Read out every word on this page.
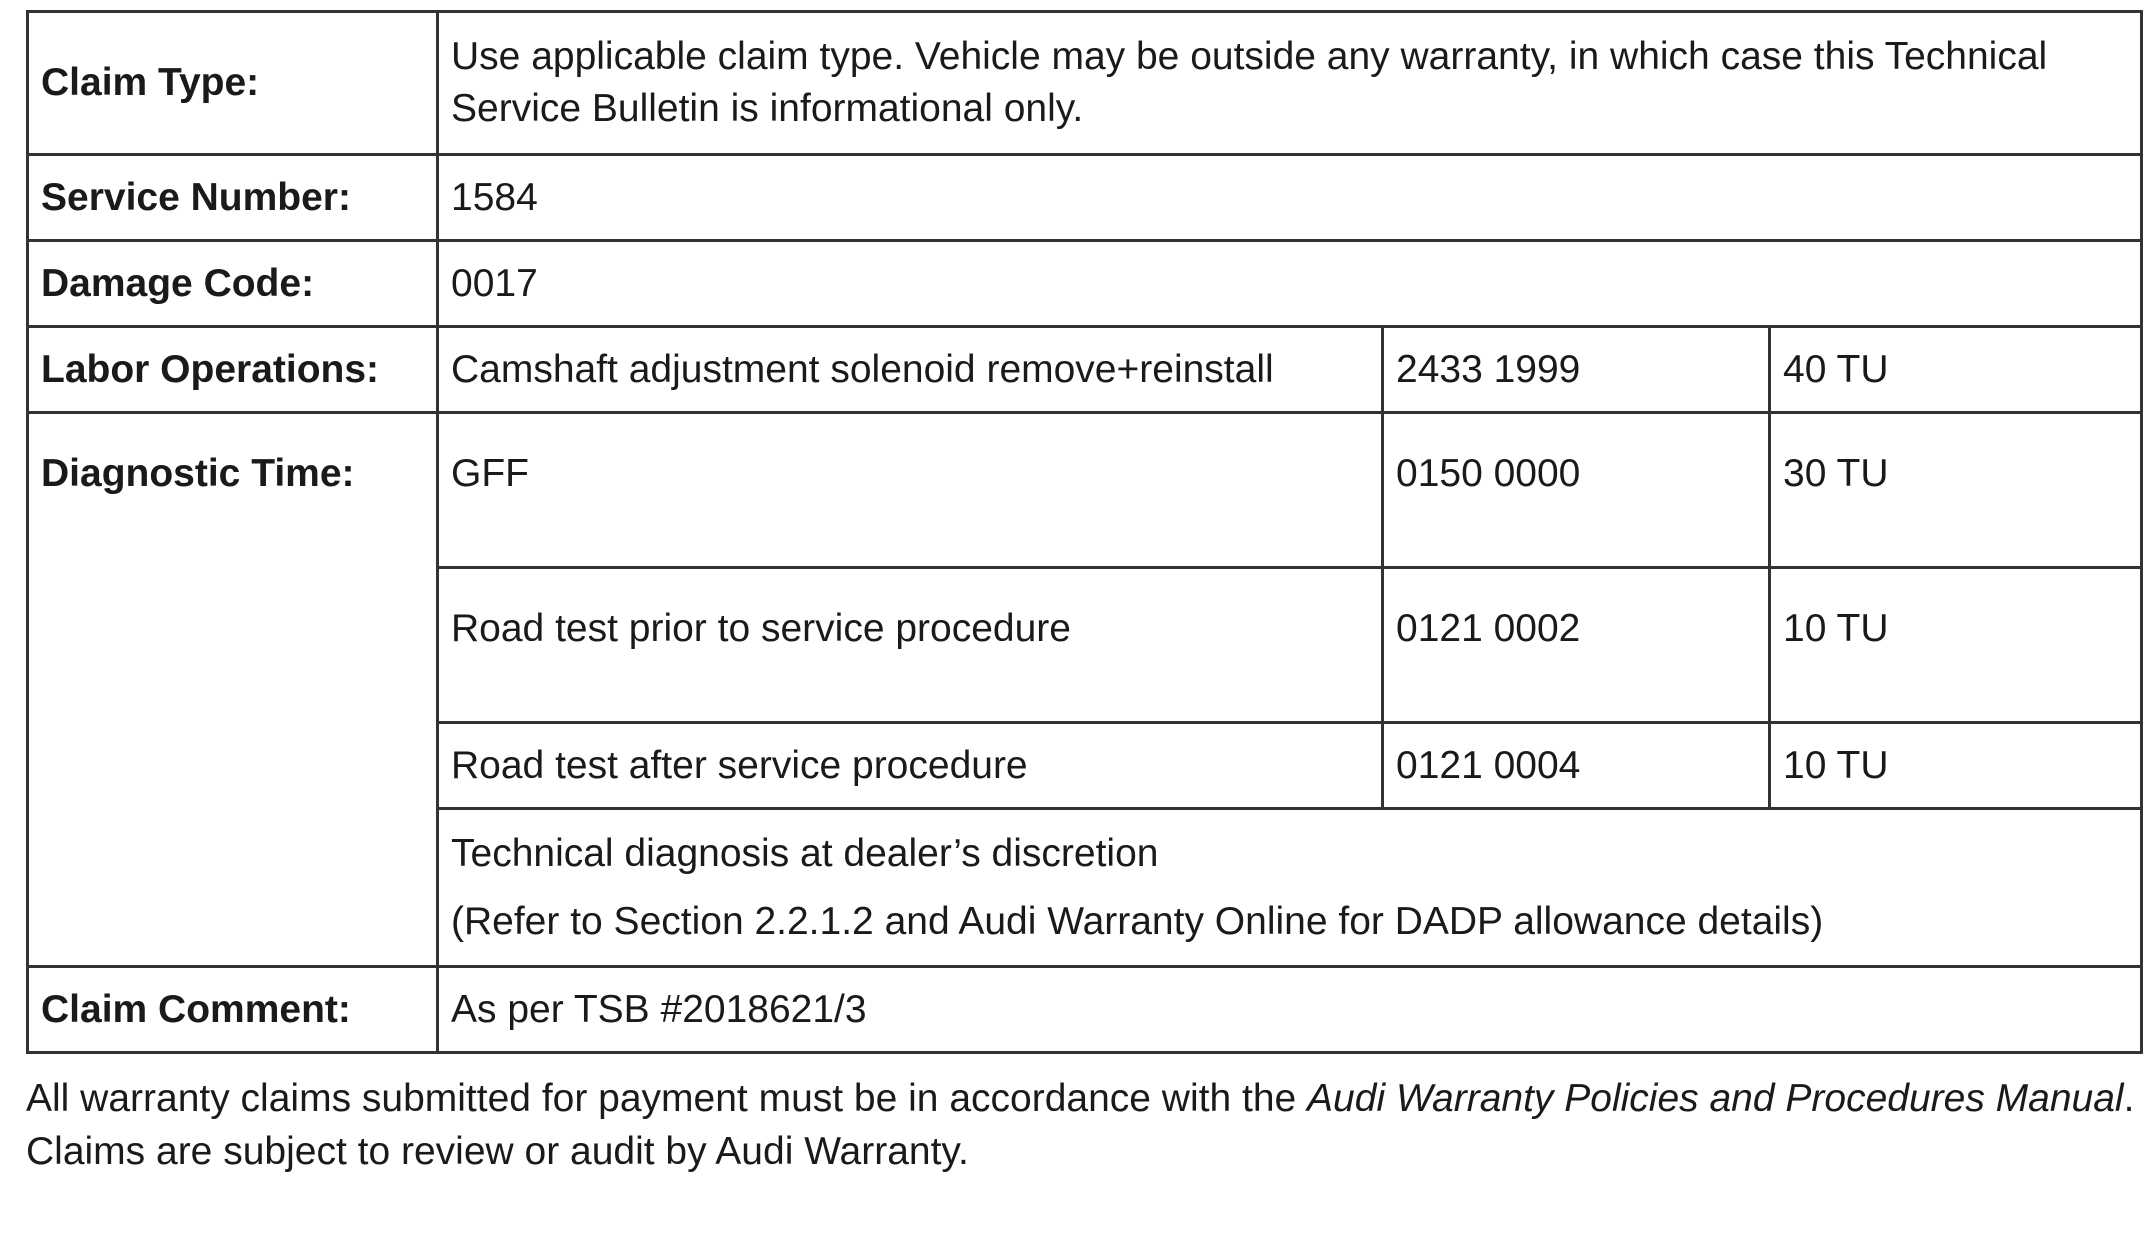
Claim Type:	Use applicable claim type. Vehicle may be outside any warranty, in which case this Technical Service Bulletin is informational only.		

Service Number:	1584		
Damage Code:	0017		
Labor Operations:	Camshaft adjustment solenoid remove+reinstall	2433 1999	40 TU
Diagnostic Time:	GFF	0150 0000	30 TU
	Road test prior to service procedure	0121 0002	10 TU
	Road test after service procedure	0121 0004	10 TU

	Technical diagnosis at dealer’s discretion
(Refer to Section 2.2.1.2 and Audi Warranty Online for DADP allowance details)		

Claim Comment:	As per TSB #2018621/3		

All warranty claims submitted for payment must be in accordance with the Audi Warranty Policies and Procedures Manual. Claims are subject to review or audit by Audi Warranty.
